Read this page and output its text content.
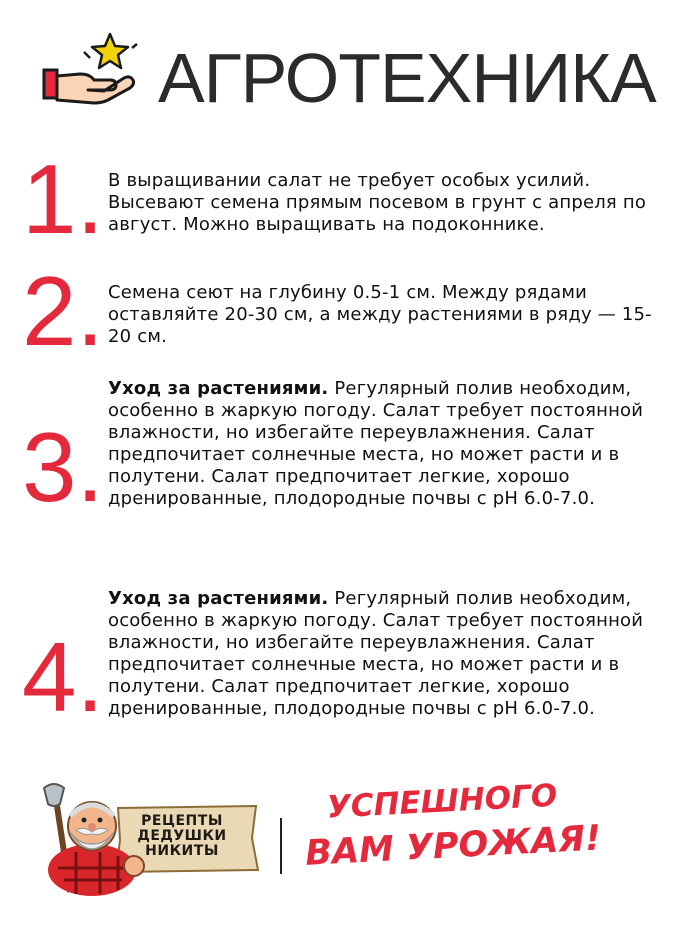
АГРОТЕХНИКА
1. В выращивании салат не требует особых усилий. Высевают семена прямым посевом в грунт с апреля по август. Можно выращивать на подоконнике.
2. Семена сеют на глубину 0.5-1 см. Между рядами оставляйте 20-30 см, а между растениями в ряду — 15-20 см.
3.
Уход за растениями. Регулярный полив необходим, особенно в жаркую погоду. Салат требует постоянной влажности, но избегайте переувлажнения. Салат предпочитает солнечные места, но может расти и в полутени. Салат предпочитает легкие, хорошо дренированные, плодородные почвы с pH 6.0-7.0.
4.
Уход за растениями. Регулярный полив необходим, особенно в жаркую погоду. Салат требует постоянной влажности, но избегайте переувлажнения. Салат предпочитает солнечные места, но может расти и в полутени. Салат предпочитает легкие, хорошо дренированные, плодородные почвы с pH 6.0-7.0.
РЕЦЕПТЫ
ДЕДУШКИ
НИКИТЫ
УСПЕШНОГО
ВАМ УРОЖАЯ!
